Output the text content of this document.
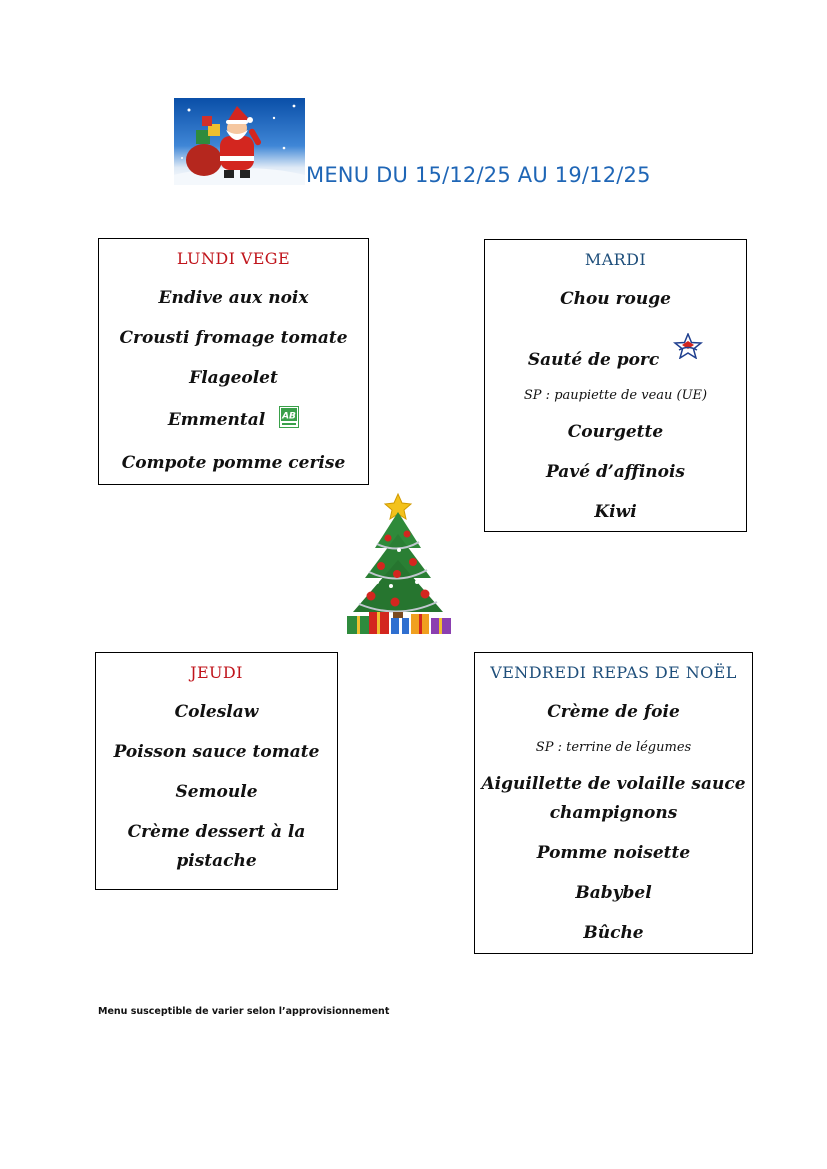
MENU DU 15/12/25 AU 19/12/25
LUNDI VEGE
Endive aux noix
Crousti fromage tomate
Flageolet
Emmental AB
Compote pomme cerise
MARDI
Chou rouge
Sauté de porc
SP : paupiette de veau (UE)
Courgette
Pavé d’affinois
Kiwi
JEUDI
Coleslaw
Poisson sauce tomate
Semoule
Crème dessert à la
pistache
VENDREDI REPAS DE NOËL
Crème de foie
SP : terrine de légumes
Aiguillette de volaille sauce
champignons
Pomme noisette
Babybel
Bûche
Menu susceptible de varier selon l’approvisionnement
